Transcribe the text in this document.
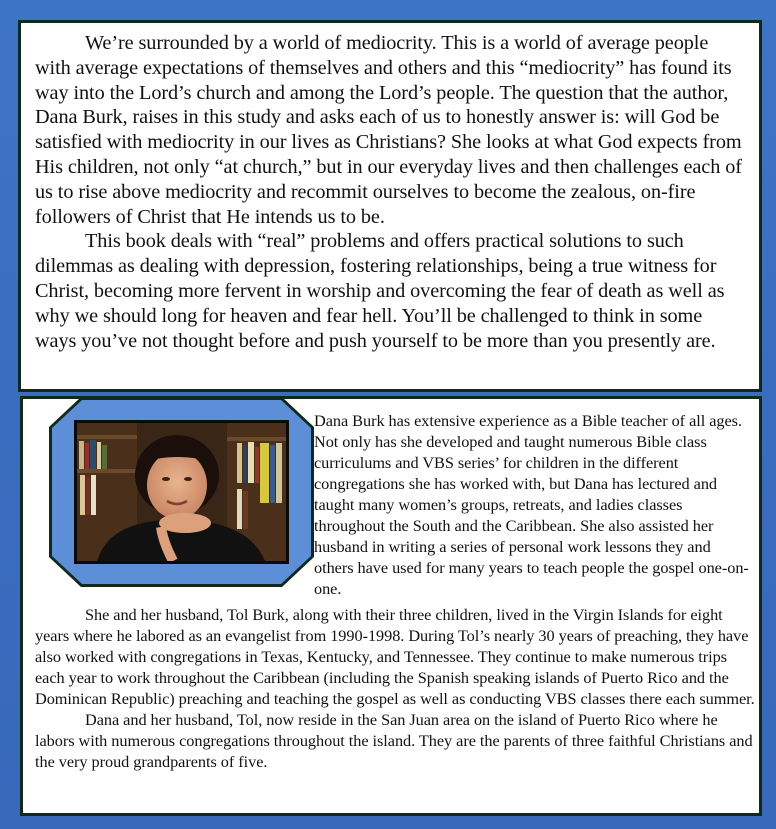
We’re surrounded by a world of mediocrity. This is a world of average people with average expectations of themselves and others and this “mediocrity” has found its way into the Lord’s church and among the Lord’s people. The question that the author, Dana Burk, raises in this study and asks each of us to honestly answer is: will God be satisfied with mediocrity in our lives as Christians? She looks at what God expects from His children, not only “at church,” but in our everyday lives and then challenges each of us to rise above mediocrity and recommit ourselves to become the zealous, on-fire followers of Christ that He intends us to be.

This book deals with “real” problems and offers practical solutions to such dilemmas as dealing with depression, fostering relationships, being a true witness for Christ, becoming more fervent in worship and overcoming the fear of death as well as why we should long for heaven and fear hell. You’ll be challenged to think in some ways you’ve not thought before and push yourself to be more than you presently are.

Dana Burk has extensive experience as a Bible teacher of all ages. Not only has she developed and taught numerous Bible class curriculums and VBS series’ for children in the different congregations she has worked with, but Dana has lectured and taught many women’s groups, retreats, and ladies classes throughout the South and the Caribbean. She also assisted her husband in writing a series of personal work lessons they and others have used for many years to teach people the gospel one-on-one.

She and her husband, Tol Burk, along with their three children, lived in the Virgin Islands for eight years where he labored as an evangelist from 1990-1998. During Tol’s nearly 30 years of preaching, they have also worked with congregations in Texas, Kentucky, and Tennessee. They continue to make numerous trips each year to work throughout the Caribbean (including the Spanish speaking islands of Puerto Rico and the Dominican Republic) preaching and teaching the gospel as well as conducting VBS classes there each summer.

Dana and her husband, Tol, now reside in the San Juan area on the island of Puerto Rico where he labors with numerous congregations throughout the island. They are the parents of three faithful Christians and the very proud grandparents of five.
